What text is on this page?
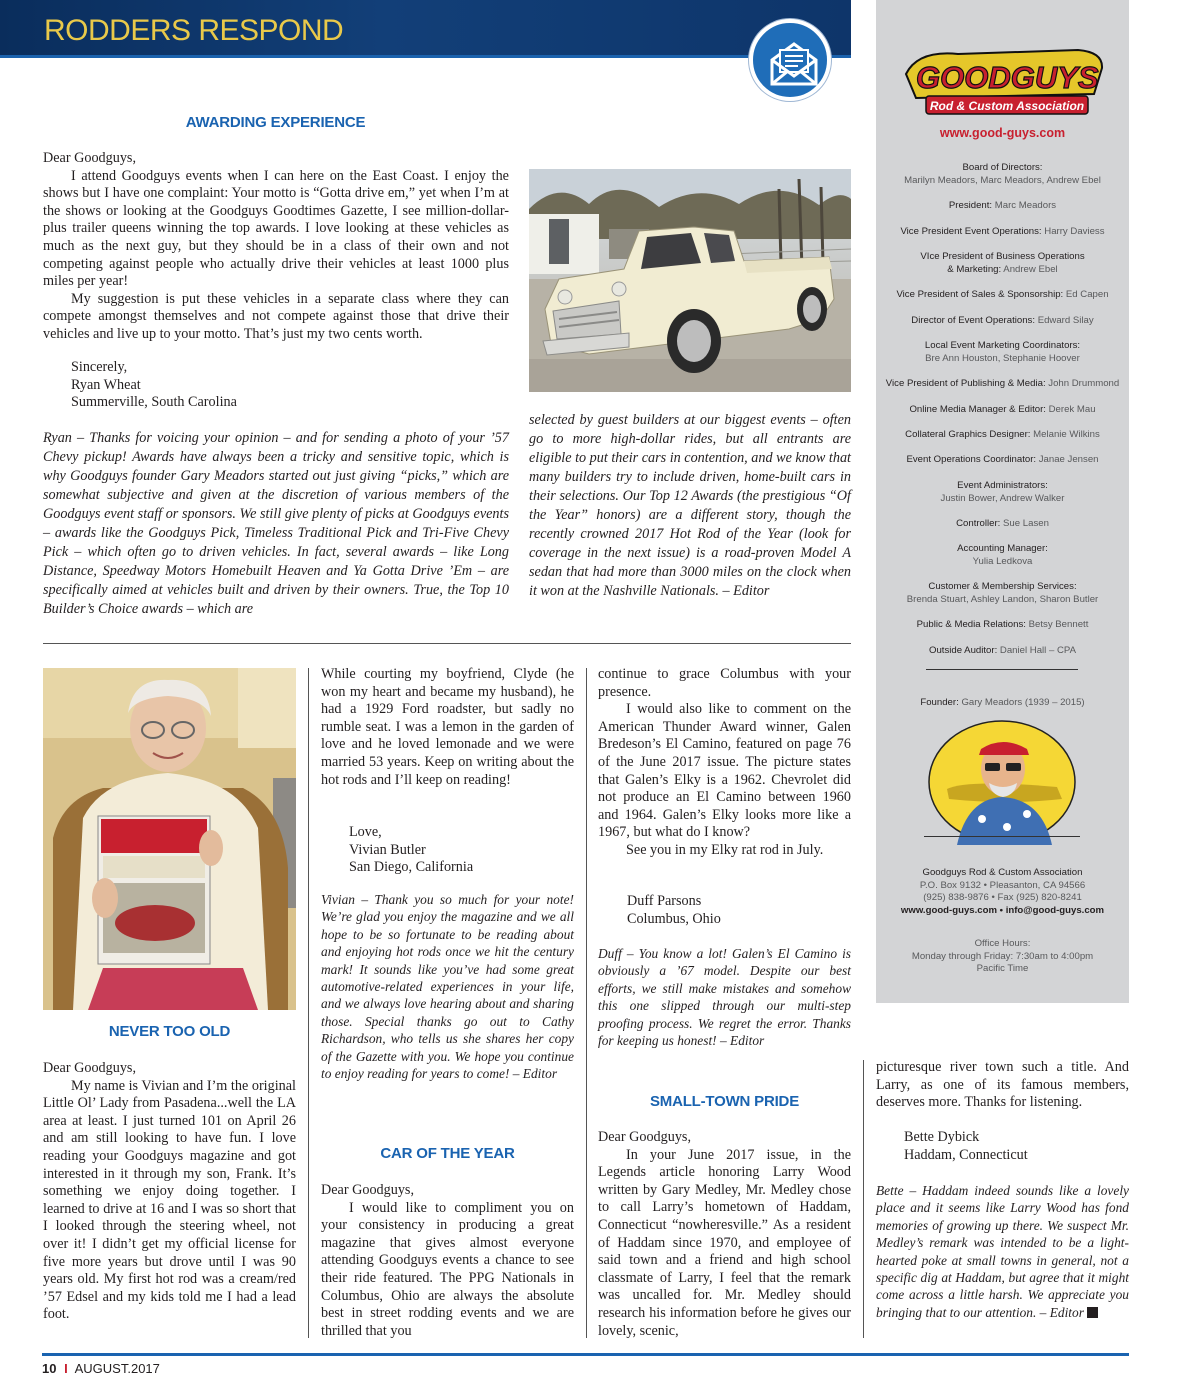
RODDERS RESPOND
AWARDING EXPERIENCE

Dear Goodguys,

I attend Goodguys events when I can here on the East Coast. I enjoy the shows but I have one complaint: Your motto is “Gotta drive em,” yet when I’m at the shows or looking at the Goodguys Goodtimes Gazette, I see million-dollar-plus trailer queens winning the top awards. I love looking at these vehicles as much as the next guy, but they should be in a class of their own and not competing against people who actually drive their vehicles at least 1000 plus miles per year!

My suggestion is put these vehicles in a separate class where they can compete amongst themselves and not compete against those that drive their vehicles and live up to your motto. That’s just my two cents worth.

Sincerely,
Ryan Wheat
Summerville, South Carolina
Ryan – Thanks for voicing your opinion – and for sending a photo of your ’57 Chevy pickup! Awards have always been a tricky and sensitive topic, which is why Goodguys founder Gary Meadors started out just giving “picks,” which are somewhat subjective and given at the discretion of various members of the Goodguys event staff or sponsors. We still give plenty of picks at Goodguys events – awards like the Goodguys Pick, Timeless Traditional Pick and Tri-Five Chevy Pick – which often go to driven vehicles. In fact, several awards – like Long Distance, Speedway Motors Homebuilt Heaven and Ya Gotta Drive ’Em – are specifically aimed at vehicles built and driven by their owners. True, the Top 10 Builder’s Choice awards – which are
selected by guest builders at our biggest events – often go to more high-dollar rides, but all entrants are eligible to put their cars in contention, and we know that many builders try to include driven, home-built cars in their selections. Our Top 12 Awards (the prestigious “Of the Year” honors) are a different story, though the recently crowned 2017 Hot Rod of the Year (look for coverage in the next issue) is a road-proven Model A sedan that had more than 3000 miles on the clock when it won at the Nashville Nationals. – Editor
NEVER TOO OLD

Dear Goodguys,

My name is Vivian and I’m the original Little Ol’ Lady from Pasadena...well the LA area at least. I just turned 101 on April 26 and am still looking to have fun. I love reading your Goodguys magazine and got interested in it through my son, Frank. It’s something we enjoy doing together. I learned to drive at 16 and I was so short that I looked through the steering wheel, not over it! I didn’t get my official license for five more years but drove until I was 90 years old. My first hot rod was a cream/red ’57 Edsel and my kids told me I had a lead foot.

While courting my boyfriend, Clyde (he won my heart and became my husband), he had a 1929 Ford roadster, but sadly no rumble seat. I was a lemon in the garden of love and he loved lemonade and we were married 53 years. Keep on writing about the hot rods and I’ll keep on reading!

Love,
Vivian Butler
San Diego, California
Vivian – Thank you so much for your note! We’re glad you enjoy the magazine and we all hope to be so fortunate to be reading about and enjoying hot rods once we hit the century mark! It sounds like you’ve had some great automotive-related experiences in your life, and we always love hearing about and sharing those. Special thanks go out to Cathy Richardson, who tells us she shares her copy of the Gazette with you. We hope you continue to enjoy reading for years to come! – Editor
CAR OF THE YEAR

Dear Goodguys,

I would like to compliment you on your consistency in producing a great magazine that gives almost everyone attending Goodguys events a chance to see their ride featured. The PPG Nationals in Columbus, Ohio are always the absolute best in street rodding events and we are thrilled that you

continue to grace Columbus with your presence.

I would also like to comment on the American Thunder Award winner, Galen Bredeson’s El Camino, featured on page 76 of the June 2017 issue. The picture states that Galen’s Elky is a 1962. Chevrolet did not produce an El Camino between 1960 and 1964. Galen’s Elky looks more like a 1967, but what do I know?

See you in my Elky rat rod in July.

Duff Parsons
Columbus, Ohio
Duff – You know a lot! Galen’s El Camino is obviously a ’67 model. Despite our best efforts, we still make mistakes and somehow this one slipped through our multi-step proofing process. We regret the error. Thanks for keeping us honest! – Editor
SMALL-TOWN PRIDE

Dear Goodguys,

In your June 2017 issue, in the Legends article honoring Larry Wood written by Gary Medley, Mr. Medley chose to call Larry’s hometown of Haddam, Connecticut “nowheresville.” As a resident of Haddam since 1970, and employee of said town and a friend and high school classmate of Larry, I feel that the remark was uncalled for. Mr. Medley should research his information before he gives our lovely, scenic,

picturesque river town such a title. And Larry, as one of its famous members, deserves more. Thanks for listening.

Bette Dybick
Haddam, Connecticut
Bette – Haddam indeed sounds like a lovely place and it seems like Larry Wood has fond memories of growing up there. We suspect Mr. Medley’s remark was intended to be a light-hearted poke at small towns in general, not a specific dig at Haddam, but agree that it might come across a little harsh. We appreciate you bringing that to our attention. – Editor
GOODGUYS
Rod & Custom Association
www.good-guys.com
Board of Directors:
Marilyn Meadors, Marc Meadors, Andrew Ebel
President: Marc Meadors
Vice President Event Operations: Harry Daviess
VIce President of Business Operations
& Marketing: Andrew Ebel
Vice President of Sales & Sponsorship: Ed Capen
Director of Event Operations: Edward Silay
Local Event Marketing Coordinators:
Bre Ann Houston, Stephanie Hoover
Vice President of Publishing & Media: John Drummond
Online Media Manager & Editor: Derek Mau
Collateral Graphics Designer: Melanie Wilkins
Event Operations Coordinator: Janae Jensen
Event Administrators:
Justin Bower, Andrew Walker
Controller: Sue Lasen
Accounting Manager:
Yulia Ledkova
Customer & Membership Services:
Brenda Stuart, Ashley Landon, Sharon Butler
Public & Media Relations: Betsy Bennett
Outside Auditor: Daniel Hall – CPA
Founder: Gary Meadors (1939 – 2015)
Goodguys Rod & Custom Association
P.O. Box 9132 • Pleasanton, CA 94566
(925) 838-9876 • Fax (925) 820-8241
www.good-guys.com • info@good-guys.com
Office Hours:
Monday through Friday: 7:30am to 4:00pm
Pacific Time
10 I AUGUST.2017
